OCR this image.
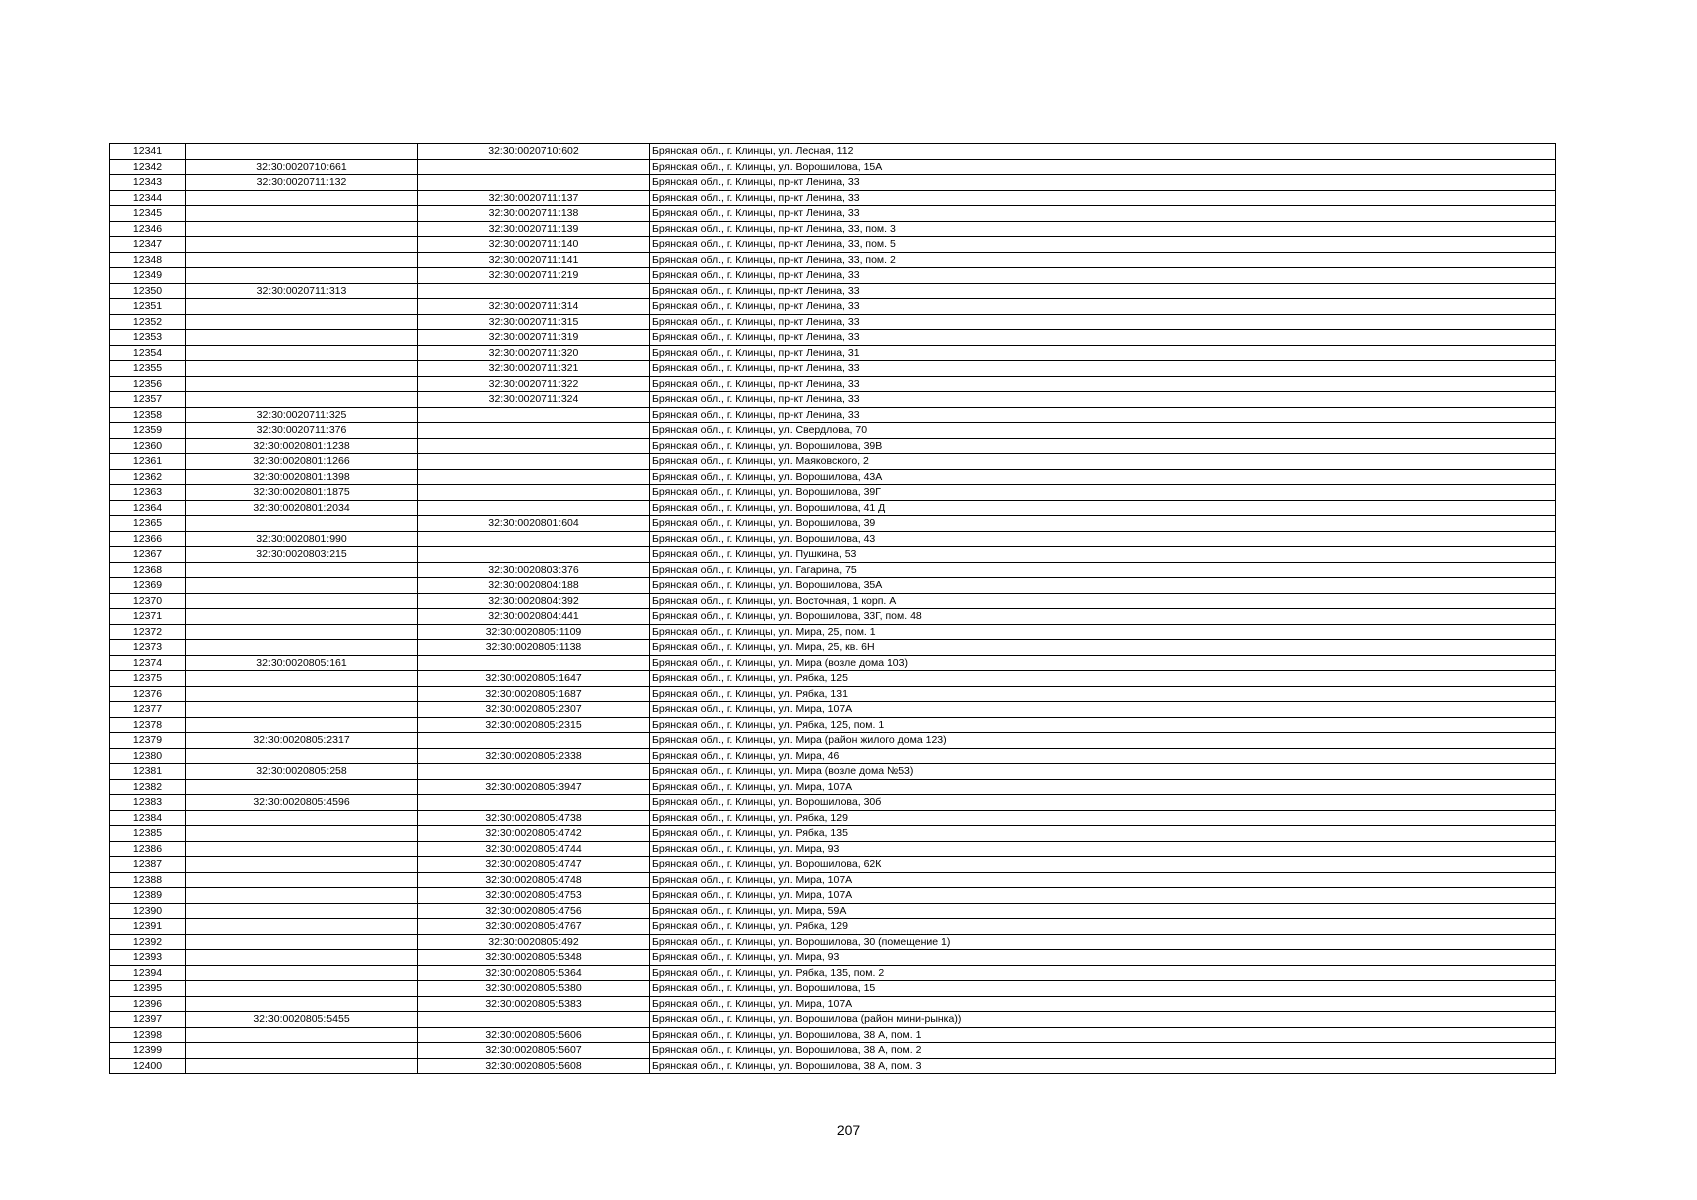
12341		32:30:0020710:602	Брянская обл., г. Клинцы, ул. Лесная, 112
12342	32:30:0020710:661		Брянская обл., г. Клинцы, ул. Ворошилова, 15А
12343	32:30:0020711:132		Брянская обл., г. Клинцы, пр-кт Ленина, 33
12344		32:30:0020711:137	Брянская обл., г. Клинцы, пр-кт Ленина, 33
12345		32:30:0020711:138	Брянская обл., г. Клинцы, пр-кт Ленина, 33
12346		32:30:0020711:139	Брянская обл., г. Клинцы, пр-кт Ленина, 33, пом. 3
12347		32:30:0020711:140	Брянская обл., г. Клинцы, пр-кт Ленина, 33, пом. 5
12348		32:30:0020711:141	Брянская обл., г. Клинцы, пр-кт Ленина, 33, пом. 2
12349		32:30:0020711:219	Брянская обл., г. Клинцы, пр-кт Ленина, 33
12350	32:30:0020711:313		Брянская обл., г. Клинцы, пр-кт Ленина, 33
12351		32:30:0020711:314	Брянская обл., г. Клинцы, пр-кт Ленина, 33
12352		32:30:0020711:315	Брянская обл., г. Клинцы, пр-кт Ленина, 33
12353		32:30:0020711:319	Брянская обл., г. Клинцы, пр-кт Ленина, 33
12354		32:30:0020711:320	Брянская обл., г. Клинцы, пр-кт Ленина, 31
12355		32:30:0020711:321	Брянская обл., г. Клинцы, пр-кт Ленина, 33
12356		32:30:0020711:322	Брянская обл., г. Клинцы, пр-кт Ленина, 33
12357		32:30:0020711:324	Брянская обл., г. Клинцы, пр-кт Ленина, 33
12358	32:30:0020711:325		Брянская обл., г. Клинцы, пр-кт Ленина, 33
12359	32:30:0020711:376		Брянская обл., г. Клинцы, ул. Свердлова, 70
12360	32:30:0020801:1238		Брянская обл., г. Клинцы, ул. Ворошилова, 39В
12361	32:30:0020801:1266		Брянская обл., г. Клинцы, ул. Маяковского, 2
12362	32:30:0020801:1398		Брянская обл., г. Клинцы, ул. Ворошилова, 43А
12363	32:30:0020801:1875		Брянская обл., г. Клинцы, ул. Ворошилова, 39Г
12364	32:30:0020801:2034		Брянская обл., г. Клинцы, ул. Ворошилова, 41 Д
12365		32:30:0020801:604	Брянская обл., г. Клинцы, ул. Ворошилова, 39
12366	32:30:0020801:990		Брянская обл., г. Клинцы, ул. Ворошилова, 43
12367	32:30:0020803:215		Брянская обл., г. Клинцы, ул. Пушкина, 53
12368		32:30:0020803:376	Брянская обл., г. Клинцы, ул. Гагарина, 75
12369		32:30:0020804:188	Брянская обл., г. Клинцы, ул. Ворошилова, 35А
12370		32:30:0020804:392	Брянская обл., г. Клинцы, ул. Восточная, 1 корп. А
12371		32:30:0020804:441	Брянская обл., г. Клинцы, ул. Ворошилова, 33Г, пом. 48
12372		32:30:0020805:1109	Брянская обл., г. Клинцы, ул. Мира, 25, пом. 1
12373		32:30:0020805:1138	Брянская обл., г. Клинцы, ул. Мира, 25, кв. 6Н
12374	32:30:0020805:161		Брянская обл., г. Клинцы, ул. Мира (возле дома 103)
12375		32:30:0020805:1647	Брянская обл., г. Клинцы, ул. Рябка, 125
12376		32:30:0020805:1687	Брянская обл., г. Клинцы, ул. Рябка, 131
12377		32:30:0020805:2307	Брянская обл., г. Клинцы, ул. Мира, 107А
12378		32:30:0020805:2315	Брянская обл., г. Клинцы, ул. Рябка, 125, пом. 1
12379	32:30:0020805:2317		Брянская обл., г. Клинцы, ул. Мира (район жилого дома 123)
12380		32:30:0020805:2338	Брянская обл., г. Клинцы, ул. Мира, 46
12381	32:30:0020805:258		Брянская обл., г. Клинцы, ул. Мира (возле дома №53)
12382		32:30:0020805:3947	Брянская обл., г. Клинцы, ул. Мира, 107А
12383	32:30:0020805:4596		Брянская обл., г. Клинцы, ул. Ворошилова, 30б
12384		32:30:0020805:4738	Брянская обл., г. Клинцы, ул. Рябка, 129
12385		32:30:0020805:4742	Брянская обл., г. Клинцы, ул. Рябка, 135
12386		32:30:0020805:4744	Брянская обл., г. Клинцы, ул. Мира, 93
12387		32:30:0020805:4747	Брянская обл., г. Клинцы, ул. Ворошилова, 62К
12388		32:30:0020805:4748	Брянская обл., г. Клинцы, ул. Мира, 107А
12389		32:30:0020805:4753	Брянская обл., г. Клинцы, ул. Мира, 107А
12390		32:30:0020805:4756	Брянская обл., г. Клинцы, ул. Мира, 59А
12391		32:30:0020805:4767	Брянская обл., г. Клинцы, ул. Рябка, 129
12392		32:30:0020805:492	Брянская обл., г. Клинцы, ул. Ворошилова, 30 (помещение 1)
12393		32:30:0020805:5348	Брянская обл., г. Клинцы, ул. Мира, 93
12394		32:30:0020805:5364	Брянская обл., г. Клинцы, ул. Рябка, 135, пом. 2
12395		32:30:0020805:5380	Брянская обл., г. Клинцы, ул. Ворошилова, 15
12396		32:30:0020805:5383	Брянская обл., г. Клинцы, ул. Мира, 107А
12397	32:30:0020805:5455		Брянская обл., г. Клинцы, ул. Ворошилова (район мини-рынка))
12398		32:30:0020805:5606	Брянская обл., г. Клинцы, ул. Ворошилова, 38 А, пом. 1
12399		32:30:0020805:5607	Брянская обл., г. Клинцы, ул. Ворошилова, 38 А, пом. 2
12400		32:30:0020805:5608	Брянская обл., г. Клинцы, ул. Ворошилова, 38 А, пом. 3
207
